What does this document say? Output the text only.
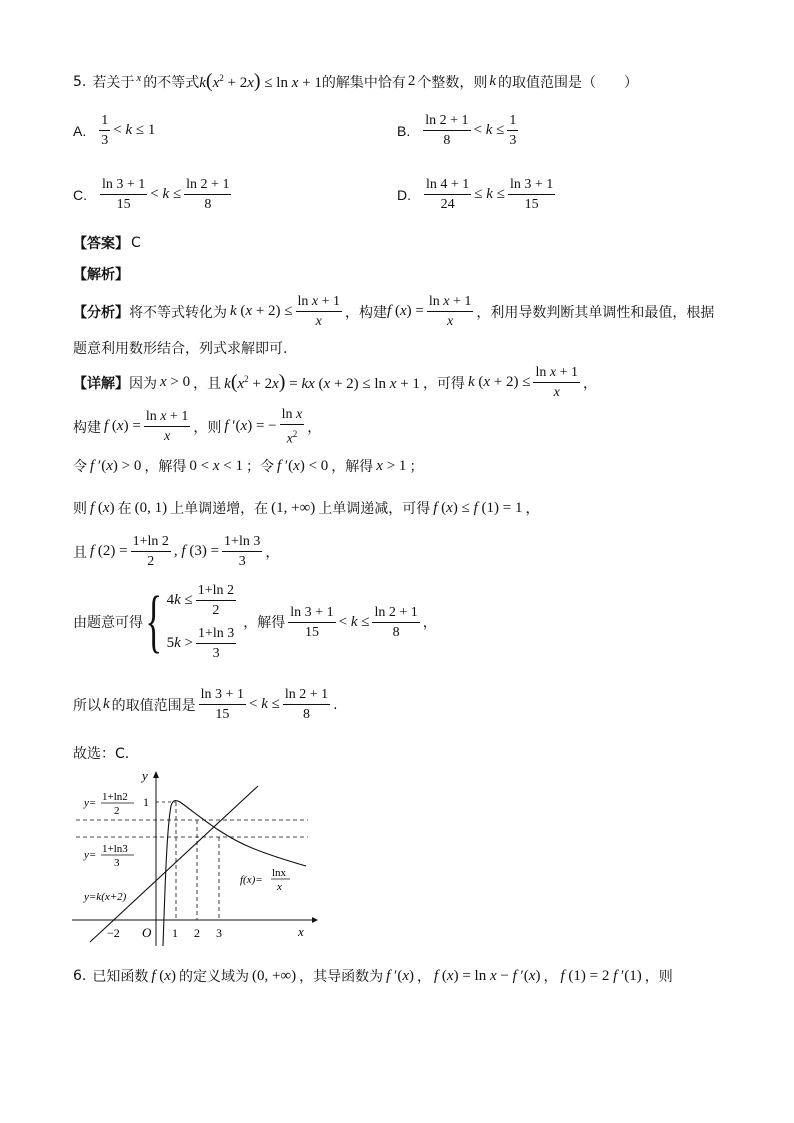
5. 若关于 x 的不等式 $k(x^2 + 2x) \le \ln x + 1$ 的解集中恰有 2 个整数，则 k 的取值范围是（　　）
A. $\frac{1}{3} < k \le 1$	B. $\frac{\ln 2 + 1}{8} < k \le \frac{1}{3}$
C. $\frac{\ln 3 + 1}{15} < k \le \frac{\ln 2 + 1}{8}$	D. $\frac{\ln 4 + 1}{24} \le k \le \frac{\ln 3 + 1}{15}$
【答案】 C
【解析】
【分析】 将不等式转化为 k $(x + 2) \le \frac{\text{ln x + 1}}{x}$ ，构建 f $(x) = \frac{\text{ln x + 1}}{x}$ ，利用导数判断其单调性和最值，根据
题意利用数形结合，列式求解即可.
【详解】 因为 x > 0 ，且 $k(x^2 + 2x)$ = kx (x + 2) ≤ ln x + 1 ，可得 k $(x + 2) \le \frac{\text{ln x + 1}}{x}$ ，
构建 f $(x) = \frac{\text{ln x + 1}}{x}$ ，则 f ′(x) = − $\frac{\text{ln x}}{x^2}$ ，
令 f ′(x) > 0 ，解得 0 < x < 1 ；令 f ′(x) < 0 ，解得 x > 1 ；
则 f (x) 在 (0, 1) 上单调递增，在 (1, +∞) 上单调递减，可得 f (x) ≤ f (1) = 1 ，
且 f $(2) = \frac{1+\ln 2}{2}$ , f $(3) = \frac{1+\ln 3}{3}$ ，
由题意可得 { $4k \le \frac{1+\ln 2}{2}$
$5k > \frac{1+\ln 3}{3}$
，解得 $\frac{\ln 3 + 1}{15} < k \le \frac{\ln 2 + 1}{8}$ ，
所以 k 的取值范围是 $\frac{\ln 3 + 1}{15} < k \le \frac{\ln 2 + 1}{8}$ .
故选：C.
y
x
O
−2	1 2 3
1
y= 1+ln2
2
y= 1+ln3
3
y=k(x+2)
f(x)=
lnx
x
6. 已知函数 f (x) 的定义域为 (0, +∞) ，其导函数为 f ′(x) ， f (x) = ln x − f ′(x) ， f (1) = 2 f ′(1) ，则
